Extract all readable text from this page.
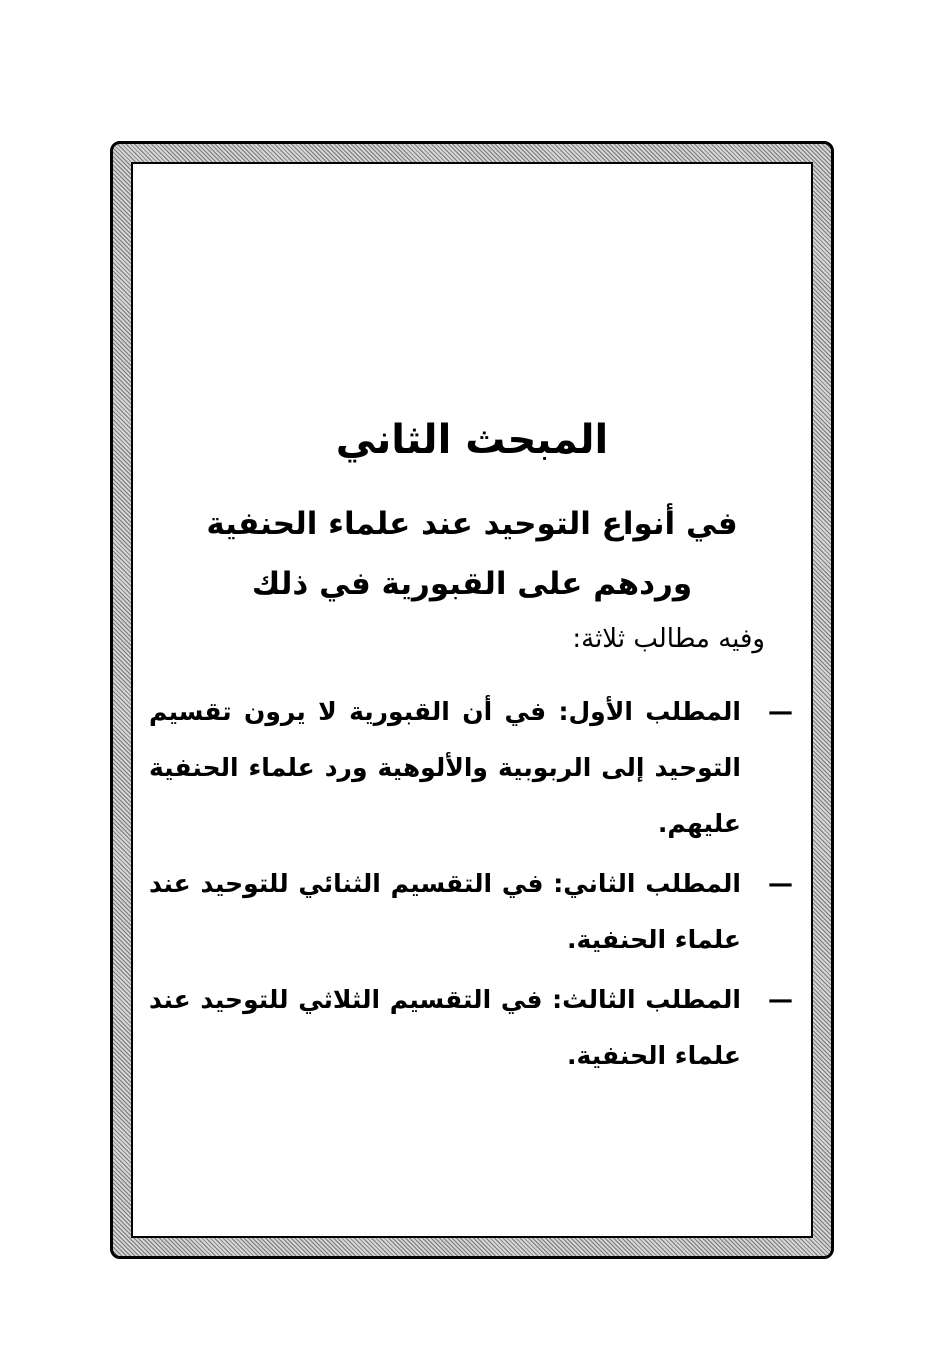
المبحث الثاني
في أنواع التوحيد عند علماء الحنفية
وردهم على القبورية في ذلك

وفيه مطالب ثلاثة:

—
المطلب الأول: في أن القبورية لا يرون تقسيم التوحيد إلى الربوبية والألوهية ورد علماء الحنفية عليهم.
—
المطلب الثاني: في التقسيم الثنائي للتوحيد عند علماء الحنفية.
—
المطلب الثالث: في التقسيم الثلاثي للتوحيد عند علماء الحنفية.
